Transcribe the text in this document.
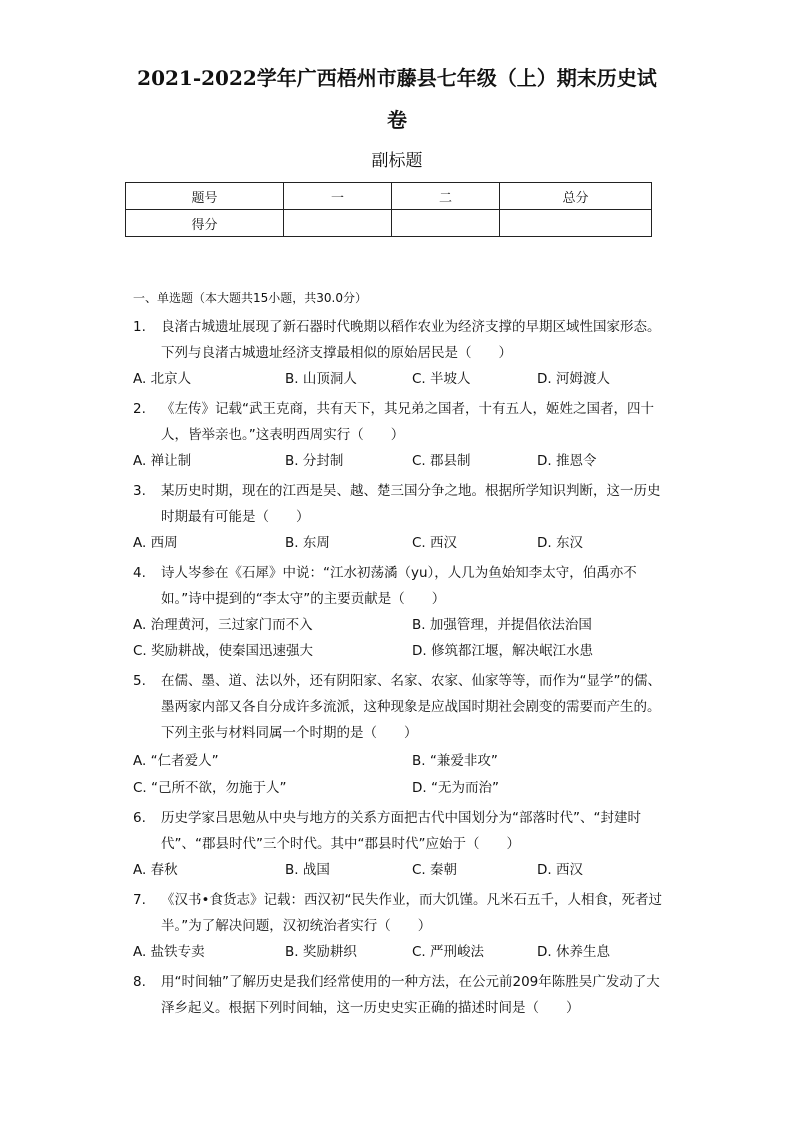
2021-2022学年广西梧州市藤县七年级（上）期末历史试
卷
副标题
题号	一	二	总分
得分			
一、单选题（本大题共15小题，共30.0分）
1. 良渚古城遗址展现了新石器时代晚期以稻作农业为经济支撑的早期区域性国家形态。下列与良渚古城遗址经济支撑最相似的原始居民是（　　）
A. 北京人	B. 山顶洞人	C. 半坡人	D. 河姆渡人
2. 《左传》记载“武王克商，共有天下，其兄弟之国者，十有五人，姬姓之国者，四十人，皆举亲也。”这表明西周实行（　　）
A. 禅让制	B. 分封制	C. 郡县制	D. 推恩令
3. 某历史时期，现在的江西是吴、越、楚三国分争之地。根据所学知识判断，这一历史时期最有可能是（　　）
A. 西周	B. 东周	C. 西汉	D. 东汉
4. 诗人岑参在《石犀》中说：“江水初荡潏（yu），人几为鱼始知李太守，伯禹亦不如。”诗中提到的“李太守”的主要贡献是（　　）
A. 治理黄河，三过家门而不入	B. 加强管理，并提倡依法治国
C. 奖励耕战，使秦国迅速强大	D. 修筑都江堰，解决岷江水患
5. 在儒、墨、道、法以外，还有阴阳家、名家、农家、仙家等等，而作为“显学”的儒、墨两家内部又各自分成许多流派，这种现象是应战国时期社会剧变的需要而产生的。下列主张与材料同属一个时期的是（　　）
A. “仁者爱人”	B. “兼爱非攻”
C. “己所不欲，勿施于人”	D. “无为而治”
6. 历史学家吕思勉从中央与地方的关系方面把古代中国划分为“部落时代”、“封建时代”、“郡县时代”三个时代。其中“郡县时代”应始于（　　）
A. 春秋	B. 战国	C. 秦朝	D. 西汉
7. 《汉书•食货志》记载：西汉初“民失作业，而大饥馑。凡米石五千，人相食，死者过半。”为了解决问题，汉初统治者实行（　　）
A. 盐铁专卖	B. 奖励耕织	C. 严刑峻法	D. 休养生息
8. 用“时间轴”了解历史是我们经常使用的一种方法，在公元前209年陈胜吴广发动了大泽乡起义。根据下列时间轴，这一历史史实正确的描述时间是（　　）
